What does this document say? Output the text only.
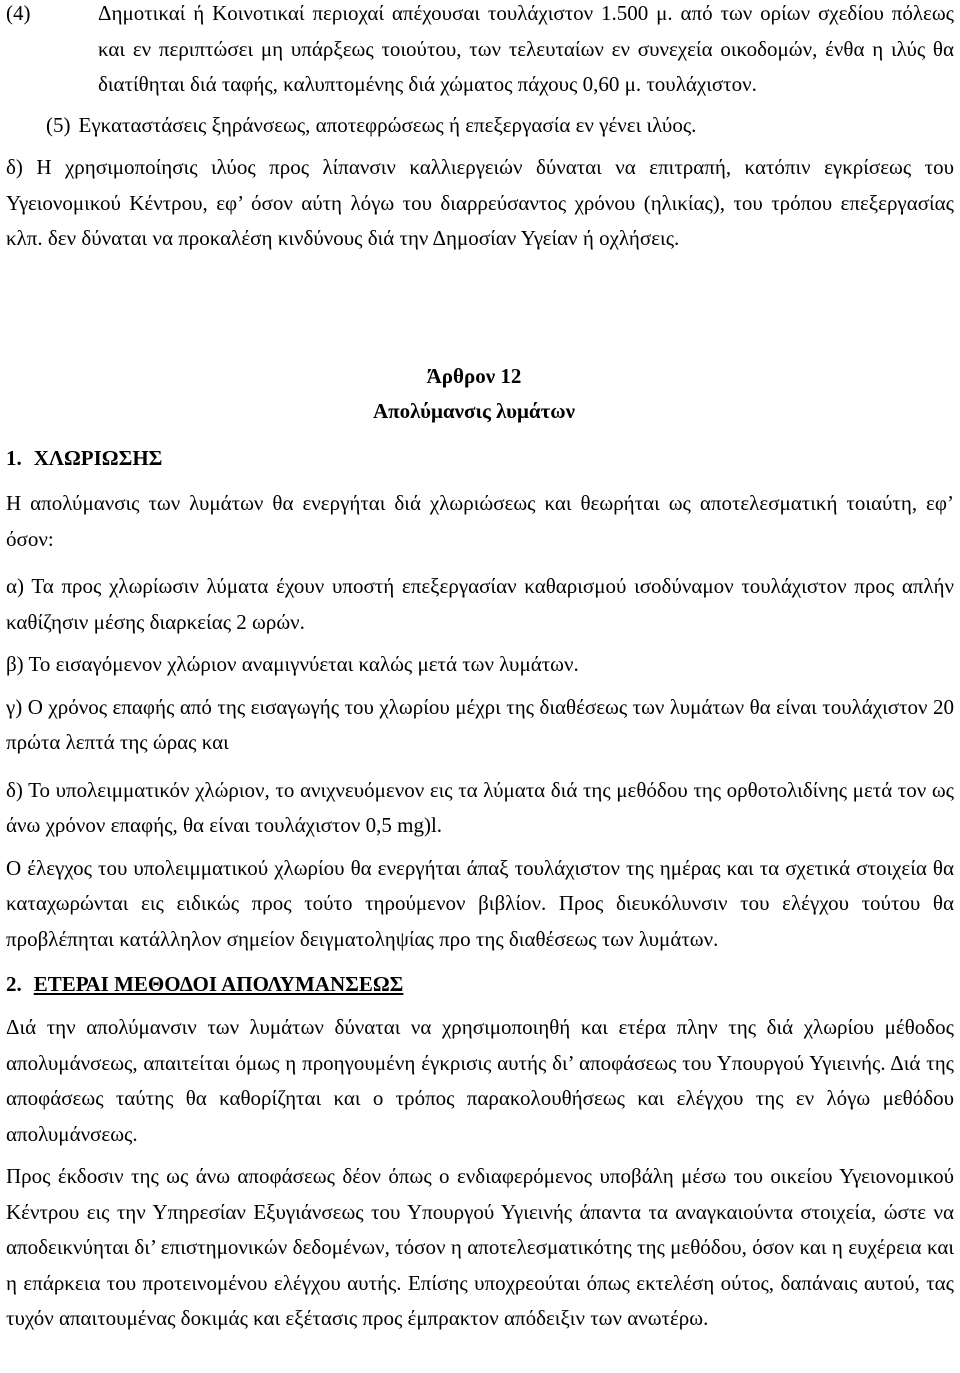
(4)	Δημοτικαί ή Κοινοτικαί περιοχαί απέχουσαι τουλάχιστον 1.500 μ. από των ορίων σχεδίου πόλεως και εν περιπτώσει μη υπάρξεως τοιούτου, των τελευταίων εν συνεχεία οικοδομών, ένθα η ιλύς θα διατίθηται διά ταφής, καλυπτομένης διά χώματος πάχους 0,60 μ. τουλάχιστον.

(5) Εγκαταστάσεις ξηράνσεως, αποτεφρώσεως ή επεξεργασία εν γένει ιλύος.

δ) Η χρησιμοποίησις ιλύος προς λίπανσιν καλλιεργειών δύναται να επιτραπή, κατόπιν εγκρίσεως του Υγειονομικού Κέντρου, εφ’ όσον αύτη λόγω του διαρρεύσαντος χρόνου (ηλικίας), του τρόπου επεξεργασίας κλπ. δεν δύναται να προκαλέση κινδύνους διά την Δημοσίαν Υγείαν ή οχλήσεις.

Άρθρον 12
Απολύμανσις λυμάτων
1. ΧΛΩΡΙΩΣΗΣ

Η απολύμανσις των λυμάτων θα ενεργήται διά χλωριώσεως και θεωρήται ως αποτελεσματική τοιαύτη, εφ’ όσον:

α) Τα προς χλωρίωσιν λύματα έχουν υποστή επεξεργασίαν καθαρισμού ισοδύναμον τουλάχιστον προς απλήν καθίζησιν μέσης διαρκείας 2 ωρών.

β) Το εισαγόμενον χλώριον αναμιγνύεται καλώς μετά των λυμάτων.

γ) Ο χρόνος επαφής από της εισαγωγής του χλωρίου μέχρι της διαθέσεως των λυμάτων θα είναι τουλάχιστον 20 πρώτα λεπτά της ώρας και

δ) Το υπολειμματικόν χλώριον, το ανιχνευόμενον εις τα λύματα διά της μεθόδου της ορθοτολιδίνης μετά τον ως άνω χρόνον επαφής, θα είναι τουλάχιστον 0,5 mg)l.

Ο έλεγχος του υπολειμματικού χλωρίου θα ενεργήται άπαξ τουλάχιστον της ημέρας και τα σχετικά στοιχεία θα καταχωρώνται εις ειδικώς προς τούτο τηρούμενον βιβλίον. Προς διευκόλυνσιν του ελέγχου τούτου θα προβλέπηται κατάλληλον σημείον δειγματοληψίας προ της διαθέσεως των λυμάτων.

2. ΕΤΕΡΑΙ ΜΕΘΟΔΟΙ ΑΠΟΛΥΜΑΝΣΕΩΣ

Διά την απολύμανσιν των λυμάτων δύναται να χρησιμοποιηθή και ετέρα πλην της διά χλωρίου μέθοδος απολυμάνσεως, απαιτείται όμως η προηγουμένη έγκρισις αυτής δι’ αποφάσεως του Υπουργού Υγιεινής. Διά της αποφάσεως ταύτης θα καθορίζηται και ο τρόπος παρακολουθήσεως και ελέγχου της εν λόγω μεθόδου απολυμάνσεως.

Προς έκδοσιν της ως άνω αποφάσεως δέον όπως ο ενδιαφερόμενος υποβάλη μέσω του οικείου Υγειονομικού Κέντρου εις την Υπηρεσίαν Εξυγιάνσεως του Υπουργού Υγιεινής άπαντα τα αναγκαιούντα στοιχεία, ώστε να αποδεικνύηται δι’ επιστημονικών δεδομένων, τόσον η αποτελεσματικότης της μεθόδου, όσον και η ευχέρεια και η επάρκεια του προτεινομένου ελέγχου αυτής. Επίσης υποχρεούται όπως εκτελέση ούτος, δαπάναις αυτού, τας τυχόν απαιτουμένας δοκιμάς και εξέτασις προς έμπρακτον απόδειξιν των ανωτέρω.
